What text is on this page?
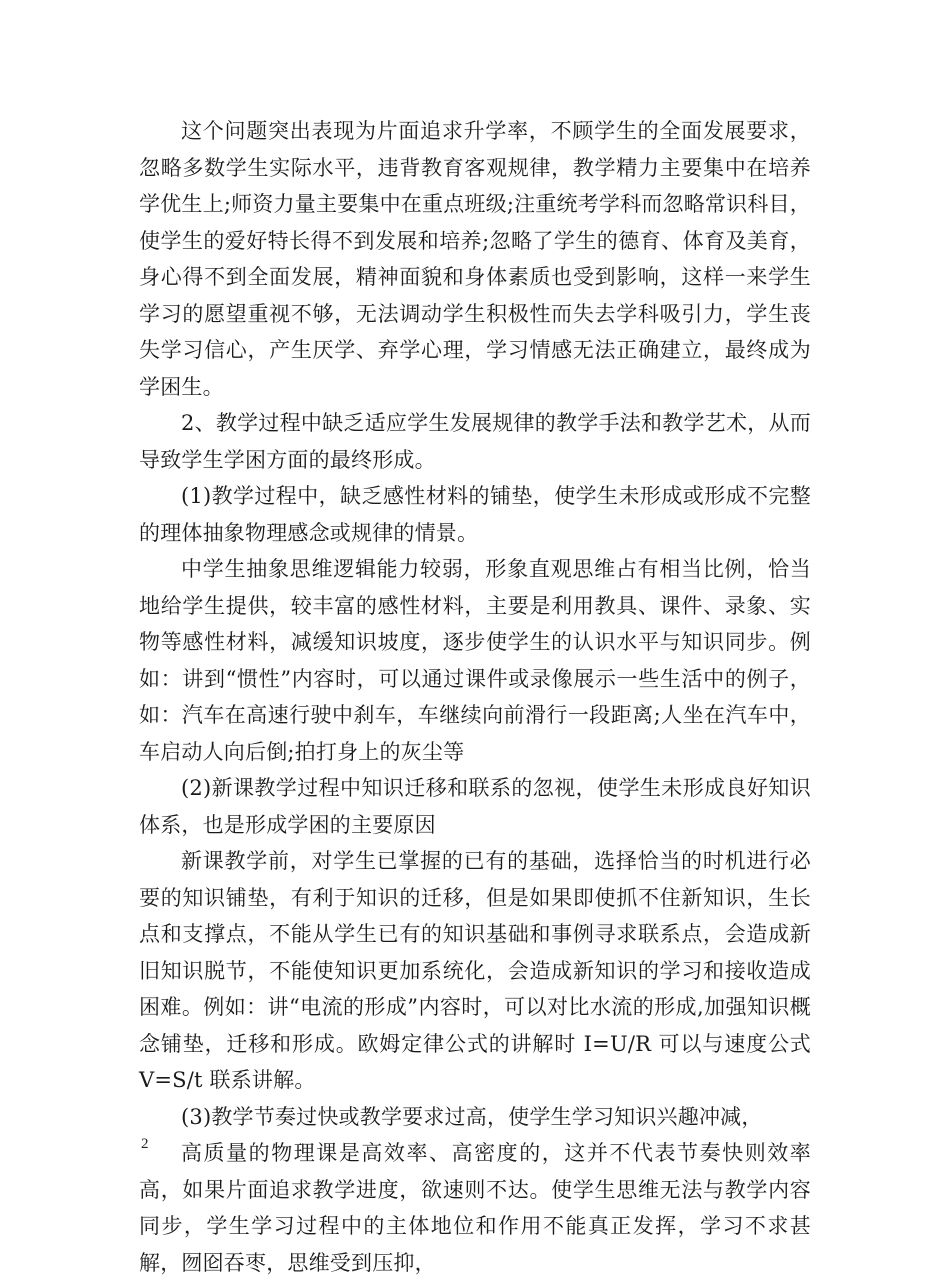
这个问题突出表现为片面追求升学率，不顾学生的全面发展要求，忽略多数学生实际水平，违背教育客观规律，教学精力主要集中在培养学优生上;师资力量主要集中在重点班级;注重统考学科而忽略常识科目，使学生的爱好特长得不到发展和培养;忽略了学生的德育、体育及美育，身心得不到全面发展，精神面貌和身体素质也受到影响，这样一来学生学习的愿望重视不够，无法调动学生积极性而失去学科吸引力，学生丧失学习信心，产生厌学、弃学心理，学习情感无法正确建立，最终成为学困生。

2、教学过程中缺乏适应学生发展规律的教学手法和教学艺术，从而导致学生学困方面的最终形成。

(1)教学过程中，缺乏感性材料的铺垫，使学生未形成或形成不完整的理体抽象物理感念或规律的情景。

中学生抽象思维逻辑能力较弱，形象直观思维占有相当比例，恰当地给学生提供，较丰富的感性材料，主要是利用教具、课件、录象、实物等感性材料，减缓知识坡度，逐步使学生的认识水平与知识同步。例如：讲到“惯性”内容时，可以通过课件或录像展示一些生活中的例子，如：汽车在高速行驶中刹车，车继续向前滑行一段距离;人坐在汽车中，车启动人向后倒;拍打身上的灰尘等

(2)新课教学过程中知识迁移和联系的忽视，使学生未形成良好知识体系，也是形成学困的主要原因

新课教学前，对学生已掌握的已有的基础，选择恰当的时机进行必要的知识铺垫，有利于知识的迁移，但是如果即使抓不住新知识，生长点和支撑点，不能从学生已有的知识基础和事例寻求联系点，会造成新旧知识脱节，不能使知识更加系统化，会造成新知识的学习和接收造成困难。例如：讲“电流的形成”内容时，可以对比水流的形成,加强知识概念铺垫，迁移和形成。欧姆定律公式的讲解时 I=U/R 可以与速度公式 V=S/t 联系讲解。

(3)教学节奏过快或教学要求过高，使学生学习知识兴趣冲减，

高质量的物理课是高效率、高密度的，这并不代表节奏快则效率高，如果片面追求教学进度，欲速则不达。使学生思维无法与教学内容同步，学生学习过程中的主体地位和作用不能真正发挥，学习不求甚解，囫囵吞枣，思维受到压抑，

2
